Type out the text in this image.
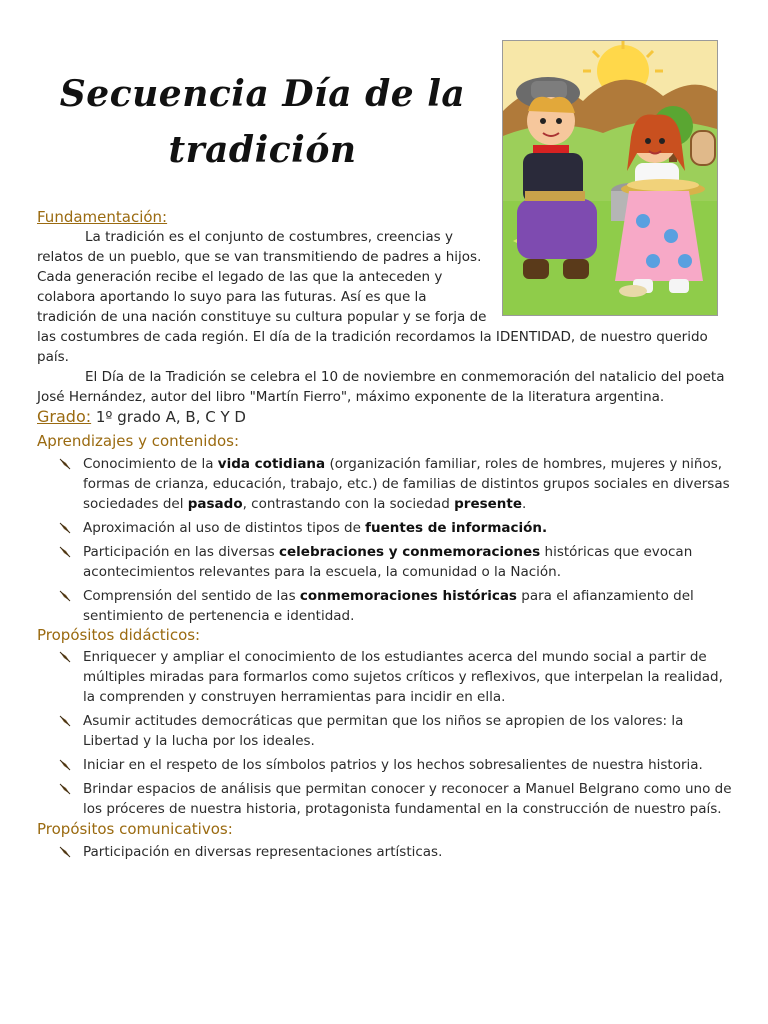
Secuencia Día de la
tradición
Fundamentación:
La tradición es el conjunto de costumbres, creencias y
relatos de un pueblo, que se van transmitiendo de padres a hijos.
Cada generación recibe el legado de las que la anteceden y
colabora aportando lo suyo para las futuras. Así es que la
tradición de una nación constituye su cultura popular y se forja de
las costumbres de cada región. El día de la tradición recordamos la IDENTIDAD, de nuestro querido
país.
El Día de la Tradición se celebra el 10 de noviembre en conmemoración del natalicio del poeta
José Hernández, autor del libro "Martín Fierro", máximo exponente de la literatura argentina.
Grado: 1º grado A, B, C Y D
Aprendizajes y contenidos:
Conocimiento de la vida cotidiana (organización familiar, roles de hombres, mujeres y niños,
formas de crianza, educación, trabajo, etc.) de familias de distintos grupos sociales en diversas
sociedades del pasado, contrastando con la sociedad presente.
Aproximación al uso de distintos tipos de fuentes de información.
Participación en las diversas celebraciones y conmemoraciones históricas que evocan
acontecimientos relevantes para la escuela, la comunidad o la Nación.
Comprensión del sentido de las conmemoraciones históricas para el afianzamiento del
sentimiento de pertenencia e identidad.
Propósitos didácticos:
Enriquecer y ampliar el conocimiento de los estudiantes acerca del mundo social a partir de
múltiples miradas para formarlos como sujetos críticos y reflexivos, que interpelan la realidad,
la comprenden y construyen herramientas para incidir en ella.
Asumir actitudes democráticas que permitan que los niños se apropien de los valores: la
Libertad y la lucha por los ideales.
Iniciar en el respeto de los símbolos patrios y los hechos sobresalientes de nuestra historia.
Brindar espacios de análisis que permitan conocer y reconocer a Manuel Belgrano como uno de
los próceres de nuestra historia, protagonista fundamental en la construcción de nuestro país.
Propósitos comunicativos:
Participación en diversas representaciones artísticas.
